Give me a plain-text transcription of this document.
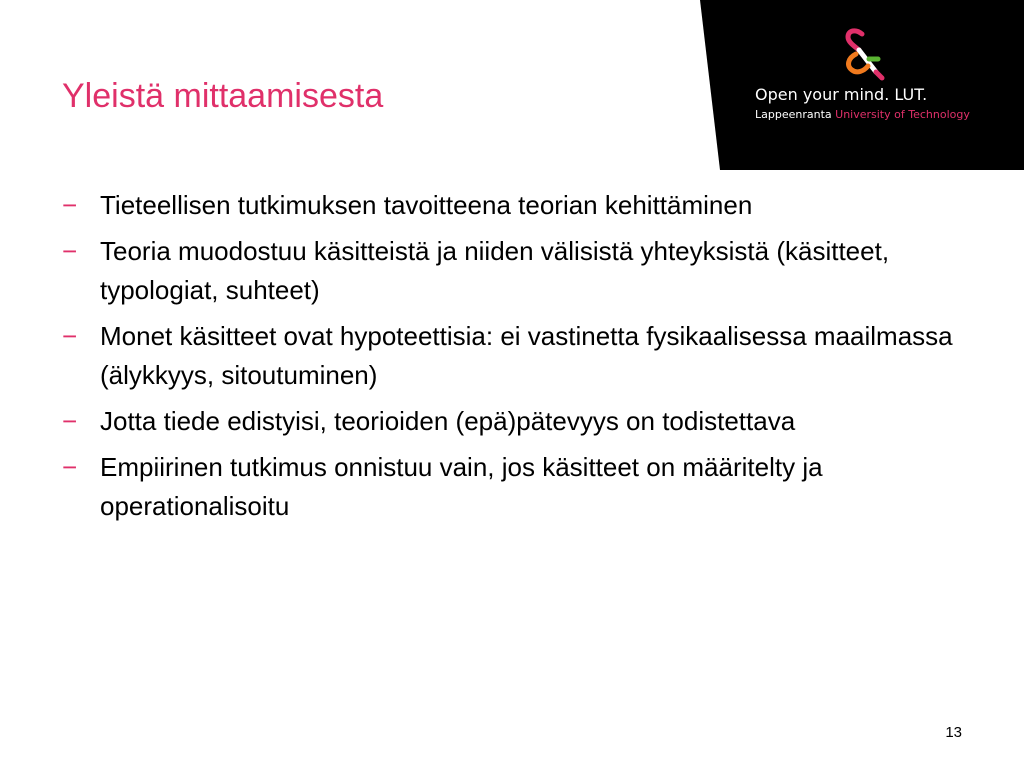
Yleistä mittaamisesta	Open your mind. LUT.
Lappeenranta University of Technology
− Tieteellisen tutkimuksen tavoitteena teorian kehittäminen
− Teoria muodostuu käsitteistä ja niiden välisistä yhteyksistä (käsitteet, typologiat, suhteet)
− Monet käsitteet ovat hypoteettisia: ei vastinetta fysikaalisessa maailmassa (älykkyys, sitoutuminen)
− Jotta tiede edistyisi, teorioiden (epä)pätevyys on todistettava
− Empiirinen tutkimus onnistuu vain, jos käsitteet on määritelty ja operationalisoitu
13
